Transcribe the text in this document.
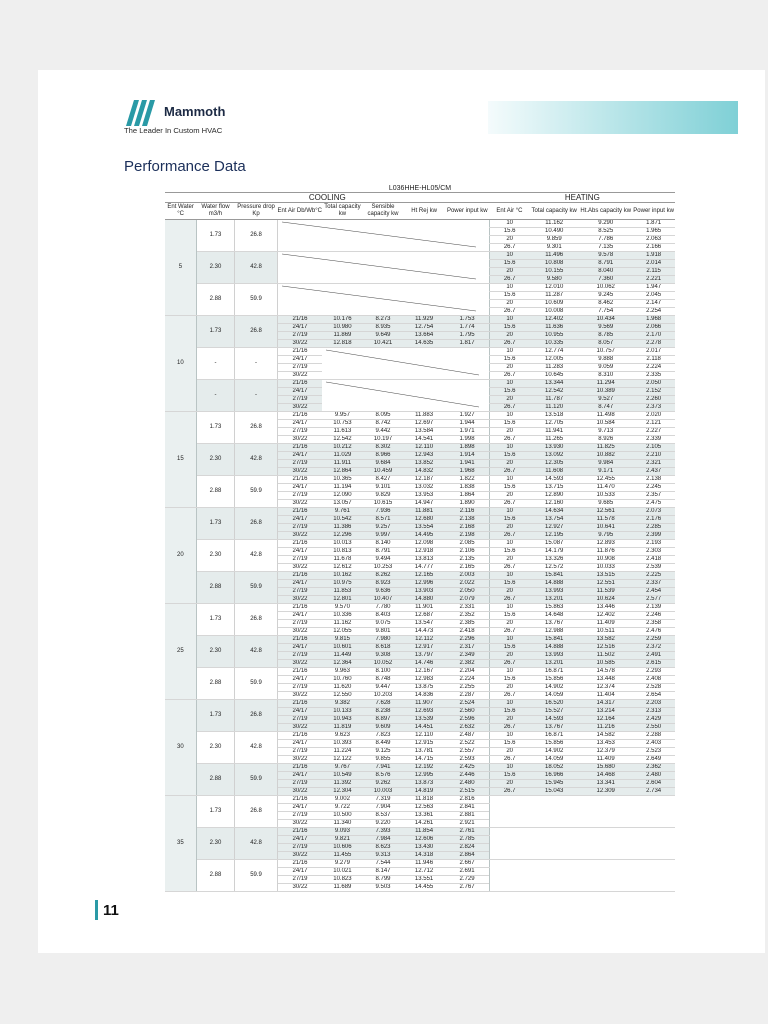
Mammoth
The Leader In Custom HVAC
Performance Data
L036HHE-HL05/CM											
COOLING								HEATING			
Ent Water °C	Water flow m3/h	Pressure drop Kp	Ent Air Db/Wb°C	Total capacity kw	Sensible capacity kw	Ht Rej kw	Power input kw	Ent Air °C	Total capacity kw	Ht.Abs capacity kw	Power input kw
5	1.73	26.8						10	11.162	9.290	1.871
								15.6	10.490	8.525	1.965
								20	9.859	7.786	2.063
								26.7	9.301	7.135	2.166
	2.30	42.8						10	11.496	9.578	1.918
								15.6	10.808	8.791	2.014
								20	10.155	8.040	2.115
								26.7	9.580	7.360	2.221
	2.88	59.9						10	12.010	10.062	1.947
								15.6	11.287	9.245	2.045
								20	10.609	8.462	2.147
								26.7	10.008	7.754	2.254
10	1.73	26.8	21/16	10.176	8.273	11.929	1.753	10	12.402	10.434	1.968
			24/17	10.980	8.935	12.754	1.774	15.6	11.636	9.569	2.066
			27/19	11.869	9.649	13.664	1.795	20	10.955	8.785	2.170
			30/22	12.818	10.421	14.635	1.817	26.7	10.335	8.057	2.278
	-	-	21/16					10	12.774	10.757	2.017
			24/17					15.6	12.005	9.888	2.118
			27/19					20	11.283	9.059	2.224
			30/22					26.7	10.645	8.310	2.335
	-	-	21/16					10	13.344	11.294	2.050
			24/17					15.6	12.542	10.389	2.152
			27/19					20	11.787	9.527	2.260
			30/22					26.7	11.120	8.747	2.373
15	1.73	26.8	21/16	9.957	8.095	11.883	1.927	10	13.518	11.498	2.020
			24/17	10.753	8.742	12.697	1.944	15.6	12.705	10.584	2.121
			27/19	11.613	9.442	13.584	1.971	20	11.941	9.713	2.227
			30/22	12.542	10.197	14.541	1.998	26.7	11.265	8.926	2.339
	2.30	42.8	21/16	10.212	8.302	12.110	1.898	10	13.930	11.825	2.105
			24/17	11.029	8.966	12.943	1.914	15.6	13.092	10.882	2.210
			27/19	11.911	9.684	13.852	1.941	20	12.305	9.984	2.321
			30/22	12.864	10.459	14.832	1.968	26.7	11.608	9.171	2.437
	2.88	59.9	21/16	10.365	8.427	12.187	1.822	10	14.593	12.455	2.138
			24/17	11.194	9.101	13.032	1.838	15.6	13.715	11.470	2.245
			27/19	12.090	9.829	13.953	1.864	20	12.890	10.533	2.357
			30/22	13.057	10.615	14.947	1.890	26.7	12.160	9.685	2.475
20	1.73	26.8	21/16	9.761	7.936	11.881	2.116	10	14.634	12.561	2.073
			24/17	10.542	8.571	12.680	2.138	15.6	13.754	11.578	2.176
			27/19	11.386	9.257	13.554	2.168	20	12.927	10.641	2.285
			30/22	12.296	9.997	14.495	2.198	26.7	12.195	9.795	2.399
	2.30	42.8	21/16	10.013	8.140	12.098	2.085	10	15.087	12.893	2.193
			24/17	10.813	8.791	12.918	2.106	15.6	14.179	11.876	2.303
			27/19	11.678	9.494	13.813	2.135	20	13.326	10.908	2.418
			30/22	12.612	10.253	14.777	2.165	26.7	12.572	10.033	2.539
	2.88	59.9	21/16	10.162	8.262	12.165	2.003	10	15.841	13.515	2.225
			24/17	10.975	8.923	12.996	2.022	15.6	14.888	12.551	2.337
			27/19	11.853	9.636	13.903	2.050	20	13.993	11.539	2.454
			30/22	12.801	10.407	14.880	2.079	26.7	13.201	10.624	2.577
25	1.73	26.8	21/16	9.570	7.780	11.901	2.331	10	15.863	13.446	2.139
			24/17	10.336	8.403	12.687	2.352	15.6	14.648	12.402	2.246
			27/19	11.162	9.075	13.547	2.385	20	13.767	11.409	2.358
			30/22	12.055	9.801	14.473	2.418	26.7	12.988	10.511	2.476
	2.30	42.8	21/16	9.815	7.980	12.112	2.296	10	15.841	13.582	2.259
			24/17	10.601	8.618	12.917	2.317	15.6	14.888	12.516	2.372
			27/19	11.449	9.308	13.797	2.349	20	13.993	11.502	2.491
			30/22	12.364	10.052	14.746	2.382	26.7	13.201	10.585	2.615
	2.88	59.9	21/16	9.963	8.100	12.167	2.204	10	16.871	14.578	2.293
			24/17	10.760	8.748	12.983	2.224	15.6	15.856	13.448	2.408
			27/19	11.620	9.447	13.875	2.255	20	14.902	12.374	2.528
			30/22	12.550	10.203	14.836	2.287	26.7	14.059	11.404	2.654
30	1.73	26.8	21/16	9.382	7.628	11.907	2.524	10	16.520	14.317	2.203
			24/17	10.133	8.238	12.693	2.560	15.6	15.527	13.214	2.313
			27/19	10.943	8.897	13.539	2.596	20	14.593	12.164	2.429
			30/22	11.819	9.609	14.451	2.632	26.7	13.767	11.216	2.550
	2.30	42.8	21/16	9.623	7.823	12.110	2.487	10	16.871	14.582	2.288
			24/17	10.393	8.449	12.915	2.522	15.6	15.856	13.453	2.403
			27/19	11.224	9.125	13.781	2.557	20	14.902	12.379	2.523
			30/22	12.122	9.855	14.715	2.593	26.7	14.059	11.409	2.649
	2.88	59.9	21/16	9.767	7.941	12.192	2.425	10	18.052	15.680	2.362
			24/17	10.549	8.576	12.995	2.446	15.6	16.966	14.468	2.480
			27/19	11.392	9.262	13.873	2.480	20	15.945	13.341	2.604
			30/22	12.304	10.003	14.819	2.515	26.7	15.043	12.309	2.734
35	1.73	26.8	21/16	9.002	7.319	11.818	2.816				
			24/17	9.722	7.904	12.563	2.841				
			27/19	10.500	8.537	13.361	2.881				
			30/22	11.340	9.220	14.261	2.921				
	2.30	42.8	21/16	9.093	7.393	11.854	2.761				
			24/17	9.821	7.984	12.606	2.785				
			27/19	10.606	8.623	13.430	2.824				
			30/22	11.455	9.313	14.318	2.864				
	2.88	59.9	21/16	9.279	7.544	11.946	2.667				
			24/17	10.021	8.147	12.712	2.691				
			27/19	10.823	8.799	13.551	2.729				
			30/22	11.689	9.503	14.455	2.767				
11
